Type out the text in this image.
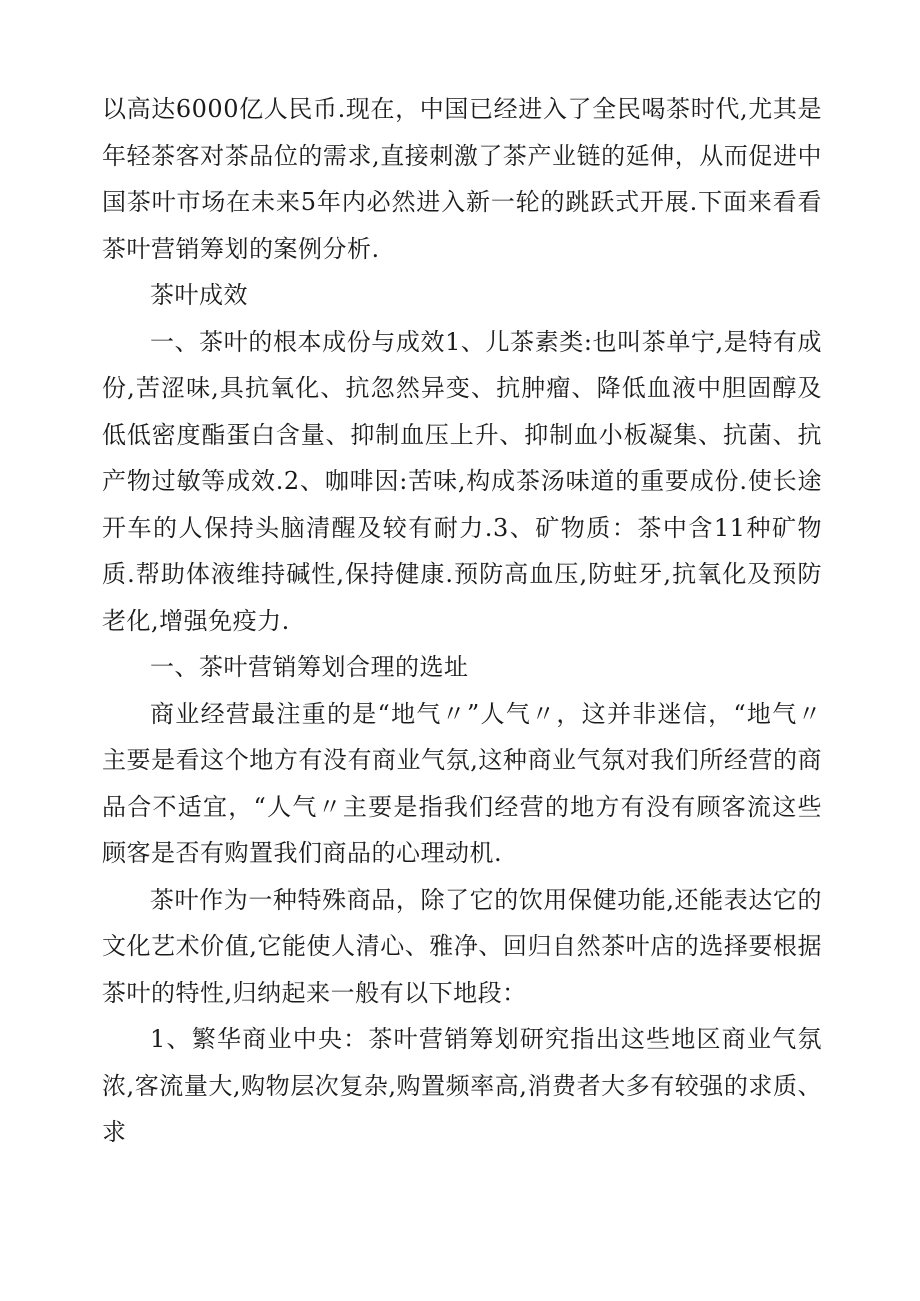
以高达6000亿人民币.现在，中国已经进入了全民喝茶时代,尤其是年轻茶客对茶品位的需求,直接刺激了茶产业链的延伸，从而促进中国茶叶市场在未来5年内必然进入新一轮的跳跃式开展.下面来看看茶叶营销筹划的案例分析.

茶叶成效

一、茶叶的根本成份与成效1、儿茶素类:也叫茶单宁,是特有成份,苦涩味,具抗氧化、抗忽然异变、抗肿瘤、降低血液中胆固醇及低低密度酯蛋白含量、抑制血压上升、抑制血小板凝集、抗菌、抗产物过敏等成效.2、咖啡因:苦味,构成茶汤味道的重要成份.使长途开车的人保持头脑清醒及较有耐力.3、矿物质：茶中含11种矿物质.帮助体液维持碱性,保持健康.预防高血压,防蛀牙,抗氧化及预防老化,增强免疫力.

一、茶叶营销筹划合理的选址

商业经营最注重的是“地气〃”人气〃，这并非迷信，“地气〃主要是看这个地方有没有商业气氛,这种商业气氛对我们所经营的商品合不适宜，“人气〃主要是指我们经营的地方有没有顾客流这些顾客是否有购置我们商品的心理动机.

茶叶作为一种特殊商品，除了它的饮用保健功能,还能表达它的文化艺术价值,它能使人清心、雅净、回归自然茶叶店的选择要根据茶叶的特性,归纳起来一般有以下地段：

1、繁华商业中央：茶叶营销筹划研究指出这些地区商业气氛浓,客流量大,购物层次复杂,购置频率高,消费者大多有较强的求质、求
